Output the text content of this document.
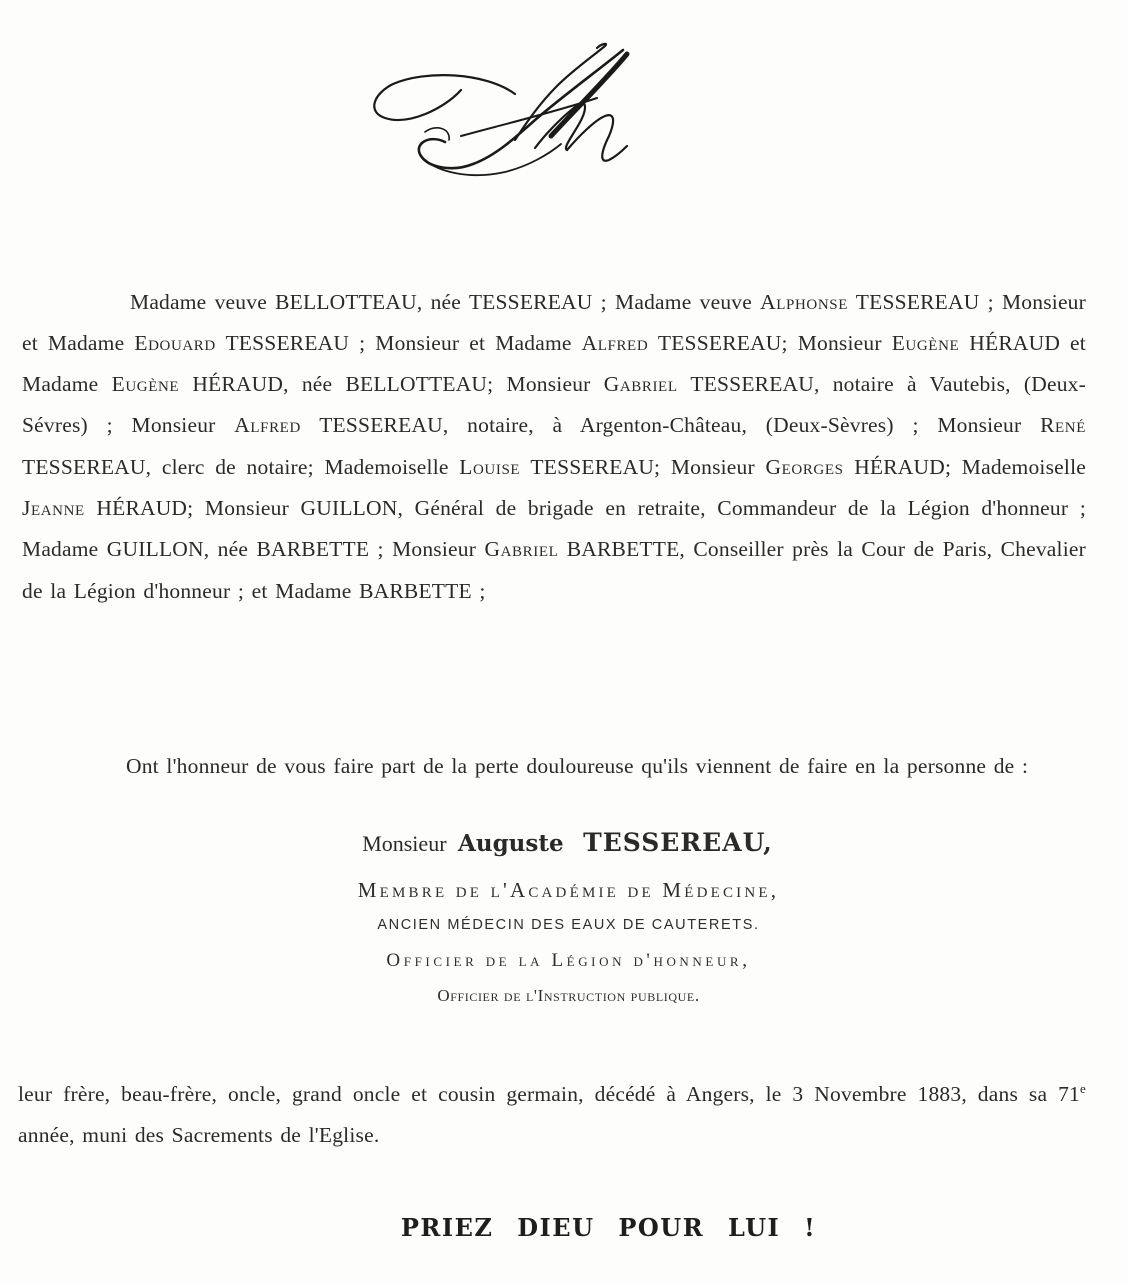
Madame veuve BELLOTTEAU, née TESSEREAU ; Madame veuve Alphonse TESSEREAU ; Monsieur et Madame Edouard TESSEREAU ; Monsieur et Madame Alfred TESSEREAU; Monsieur Eugène HÉRAUD et Madame Eugène HÉRAUD, née BELLOTTEAU; Monsieur Gabriel TESSEREAU, notaire à Vautebis, (Deux-Sévres) ; Monsieur Alfred TESSEREAU, notaire, à Argenton-Château, (Deux-Sèvres) ; Monsieur René TESSEREAU, clerc de notaire; Mademoiselle Louise TESSEREAU; Monsieur Georges HÉRAUD; Mademoiselle Jeanne HÉRAUD; Monsieur GUILLON, Général de brigade en retraite, Commandeur de la Légion d'honneur ; Madame GUILLON, née BARBETTE ; Monsieur Gabriel BARBETTE, Conseiller près la Cour de Paris, Chevalier de la Légion d'honneur ; et Madame BARBETTE ;

Ont l'honneur de vous faire part de la perte douloureuse qu'ils viennent de faire en la personne de :

Monsieur Auguste TESSEREAU,
Membre de l'Académie de Médecine,
ANCIEN MÉDECIN DES EAUX DE CAUTERETS.
Officier de la Légion d'honneur,
Officier de l'Instruction publique.

leur frère, beau-frère, oncle, grand oncle et cousin germain, décédé à Angers, le 3 Novembre 1883, dans sa 71e année, muni des Sacrements de l'Eglise.

PRIEZ DIEU POUR LUI !
